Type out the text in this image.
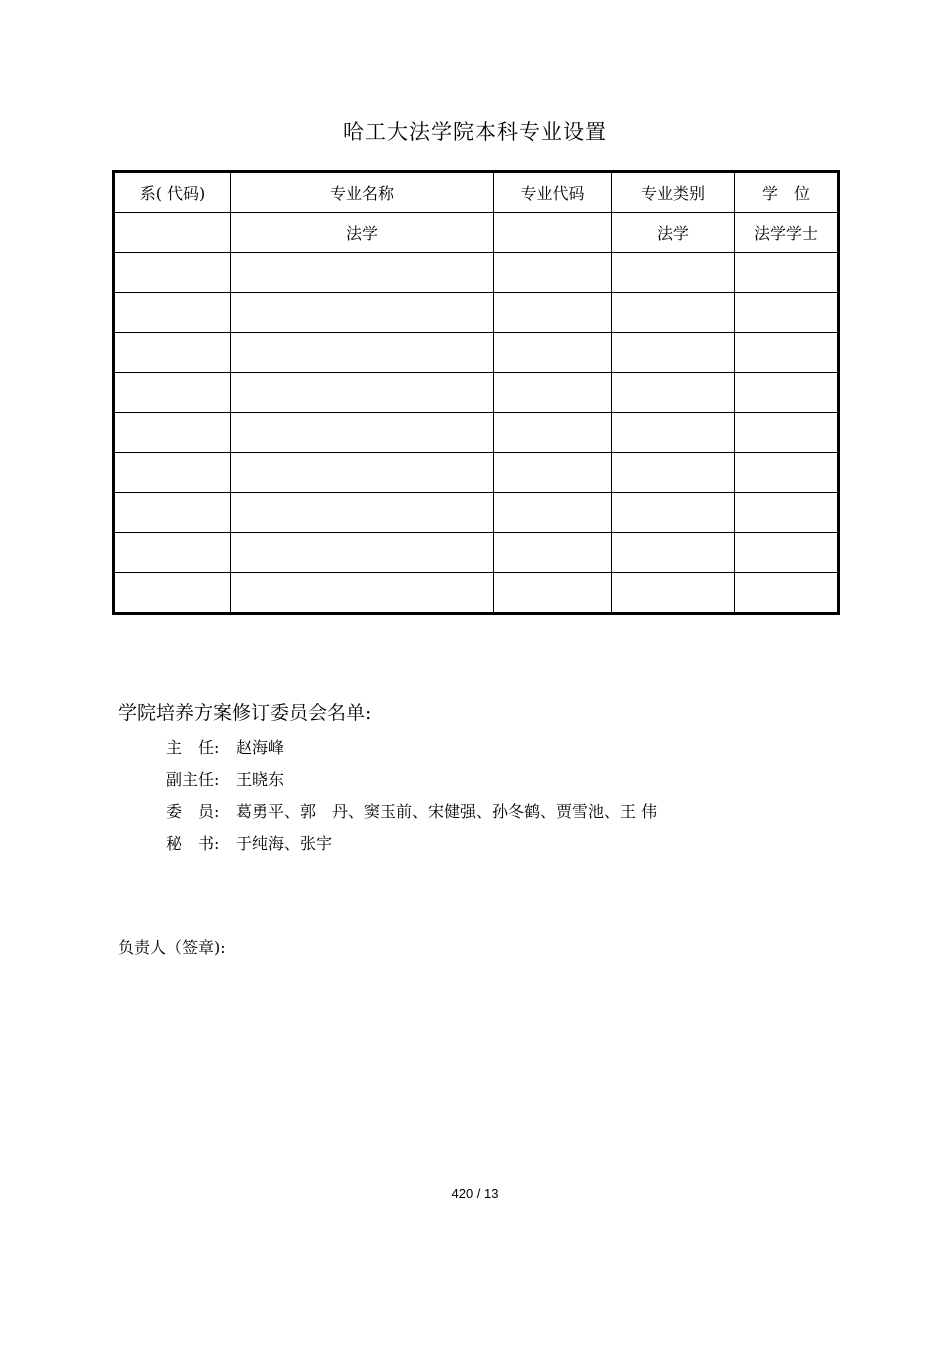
哈工大法学院本科专业设置
系( 代码)	专业名称	专业代码	专业类别	学　位
	法学		法学	法学学士

学院培养方案修订委员会名单:
主　任: 赵海峰
副主任: 王晓东
委　员: 葛勇平、郭　丹、窦玉前、宋健强、孙冬鹤、贾雪池、王 伟
秘　书: 于纯海、张宇
负责人（签章):
420 / 13
